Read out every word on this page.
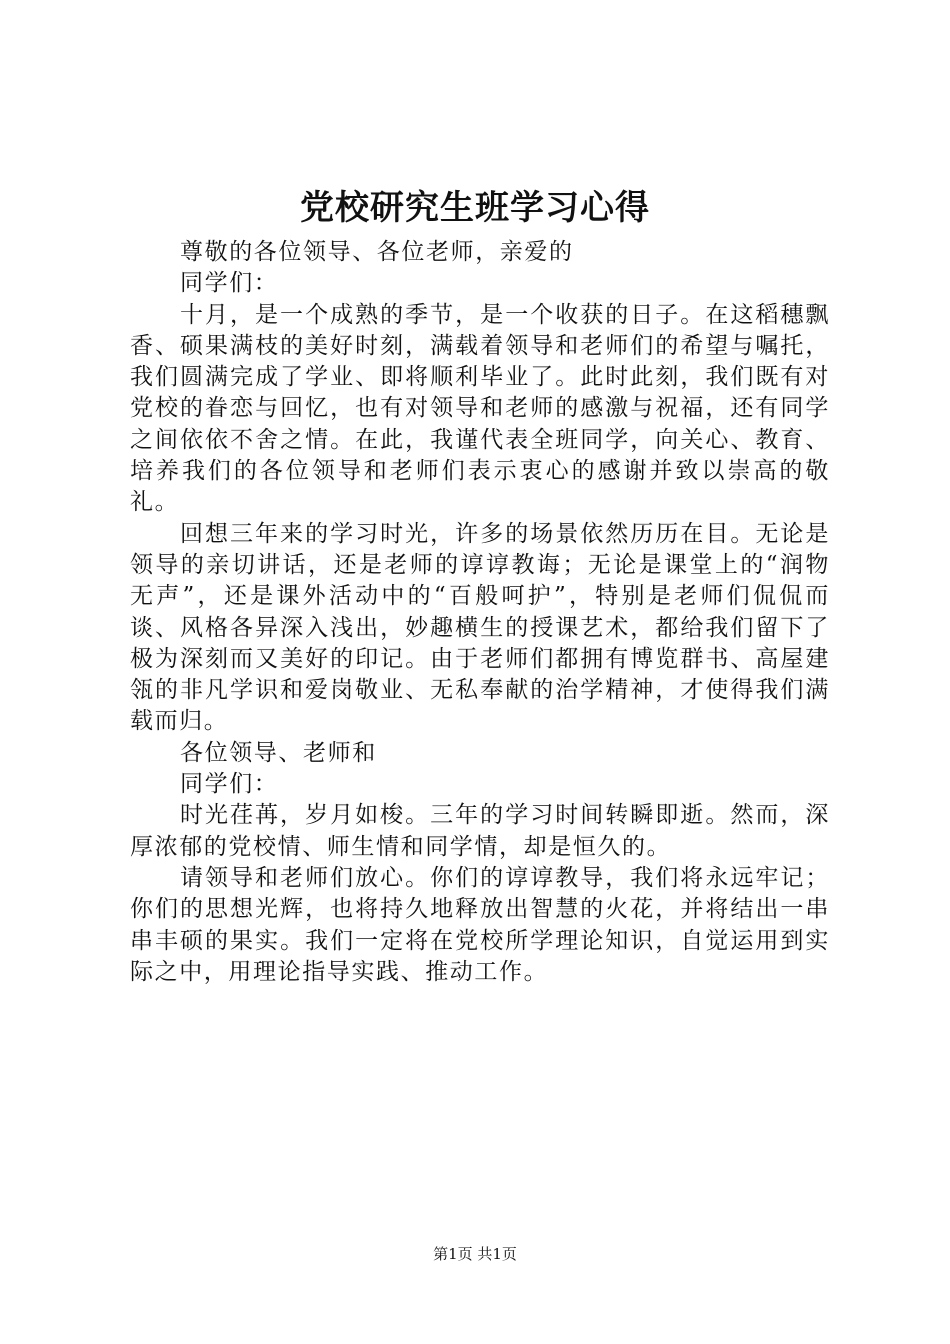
党校研究生班学习心得

尊敬的各位领导、各位老师，亲爱的

同学们：

十月，是一个成熟的季节，是一个收获的日子。在这稻穗飘香、硕果满枝的美好时刻，满载着领导和老师们的希望与嘱托，我们圆满完成了学业、即将顺利毕业了。此时此刻，我们既有对党校的眷恋与回忆，也有对领导和老师的感激与祝福，还有同学之间依依不舍之情。在此，我谨代表全班同学，向关心、教育、培养我们的各位领导和老师们表示衷心的感谢并致以崇高的敬礼。

回想三年来的学习时光，许多的场景依然历历在目。无论是领导的亲切讲话，还是老师的谆谆教诲；无论是课堂上的“润物无声”，还是课外活动中的“百般呵护”，特别是老师们侃侃而谈、风格各异深入浅出，妙趣横生的授课艺术，都给我们留下了极为深刻而又美好的印记。由于老师们都拥有博览群书、高屋建瓴的非凡学识和爱岗敬业、无私奉献的治学精神，才使得我们满载而归。

各位领导、老师和

同学们：

时光荏苒，岁月如梭。三年的学习时间转瞬即逝。然而，深厚浓郁的党校情、师生情和同学情，却是恒久的。

请领导和老师们放心。你们的谆谆教导，我们将永远牢记；你们的思想光辉，也将持久地释放出智慧的火花，并将结出一串串丰硕的果实。我们一定将在党校所学理论知识，自觉运用到实际之中，用理论指导实践、推动工作。

第1页 共1页
